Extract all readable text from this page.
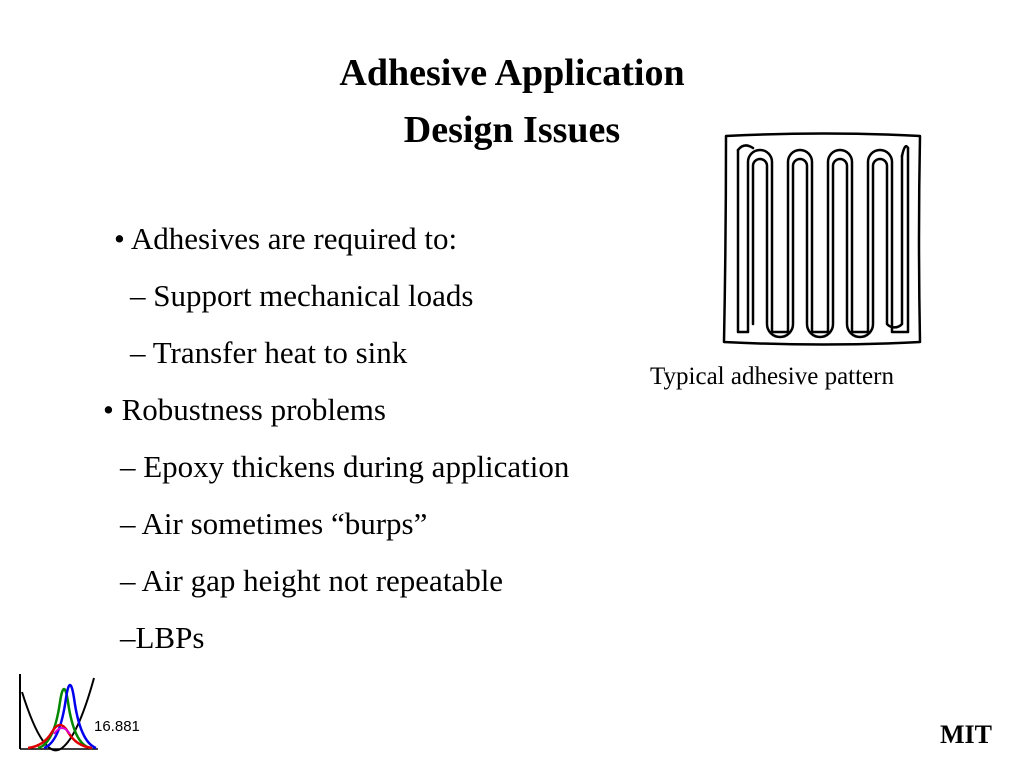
Adhesive Application
Design Issues
• Adhesives are required to:
– Support mechanical loads
– Transfer heat to sink
• Robustness problems
– Epoxy thickens during application
– Air sometimes “burps”
– Air gap height not repeatable
–LBPs
Typical adhesive pattern
16.881	MIT
